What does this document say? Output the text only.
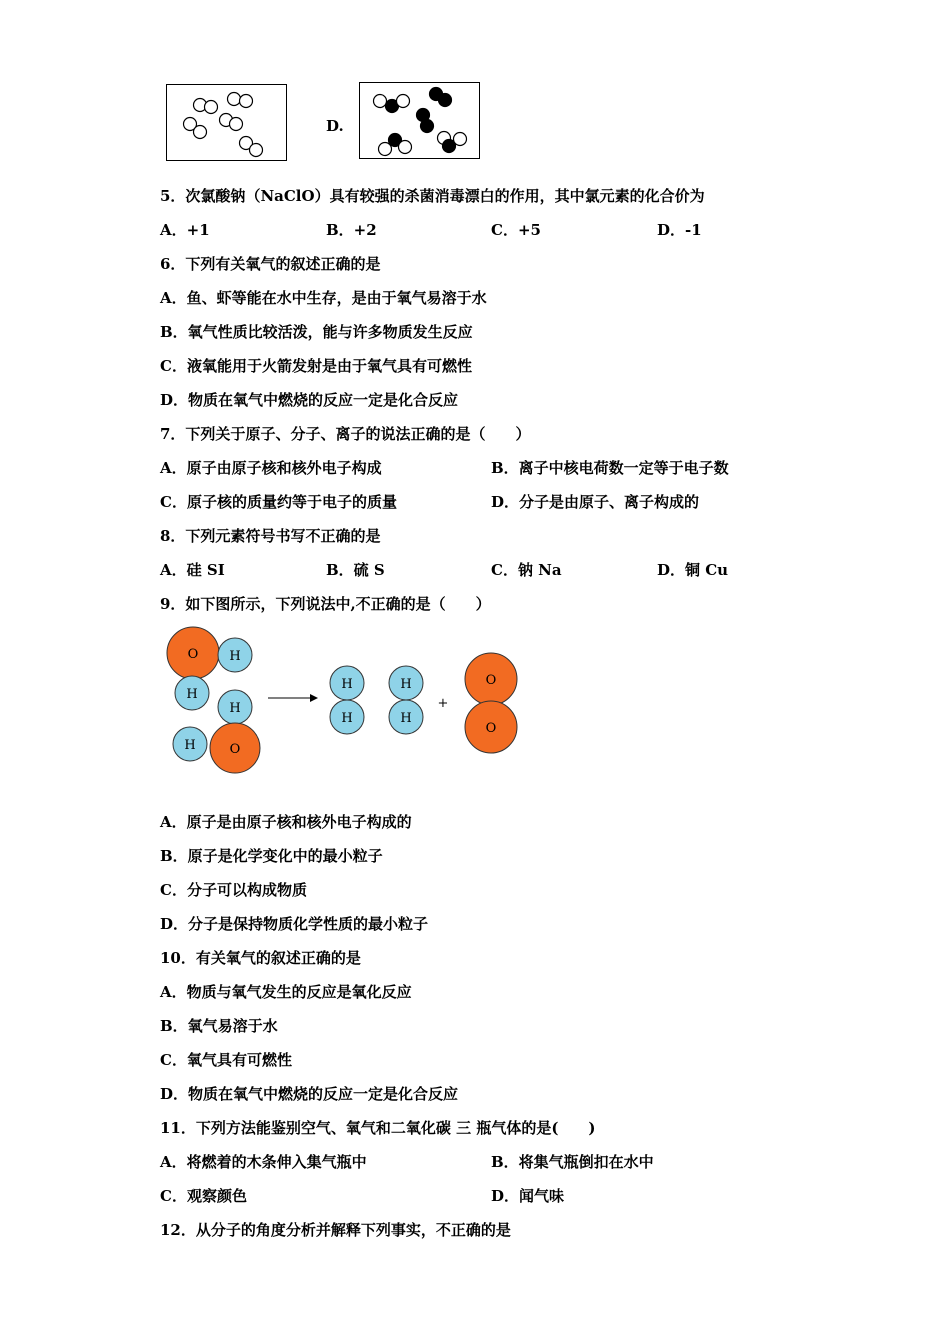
D.
5．次氯酸钠（NaClO）具有较强的杀菌消毒漂白的作用，其中氯元素的化合价为
A．+1	B．+2	C．+5	D．-1
6．下列有关氧气的叙述正确的是
A．鱼、虾等能在水中生存，是由于氧气易溶于水
B．氧气性质比较活泼，能与许多物质发生反应
C．液氧能用于火箭发射是由于氧气具有可燃性
D．物质在氧气中燃烧的反应一定是化合反应
7．下列关于原子、分子、离子的说法正确的是（　　）
A．原子由原子核和核外电子构成	B．离子中核电荷数一定等于电子数
C．原子核的质量约等于电子的质量	D．分子是由原子、离子构成的
8．下列元素符号书写不正确的是
A．硅 SI	B．硫 S	C．钠 Na	D．铜 Cu
9．如下图所示，下列说法中,不正确的是（　　）
O H
H
H
H	O
H
H
H
H
+
O
O
A．原子是由原子核和核外电子构成的
B．原子是化学变化中的最小粒子
C．分子可以构成物质
D．分子是保持物质化学性质的最小粒子
10．有关氧气的叙述正确的是
A．物质与氧气发生的反应是氧化反应
B．氧气易溶于水
C．氧气具有可燃性
D．物质在氧气中燃烧的反应一定是化合反应
11．下列方法能鉴别空气、氧气和二氧化碳 三 瓶气体的是(　　)
A．将燃着的木条伸入集气瓶中	B．将集气瓶倒扣在水中
C．观察颜色	D．闻气味
12．从分子的角度分析并解释下列事实，不正确的是
